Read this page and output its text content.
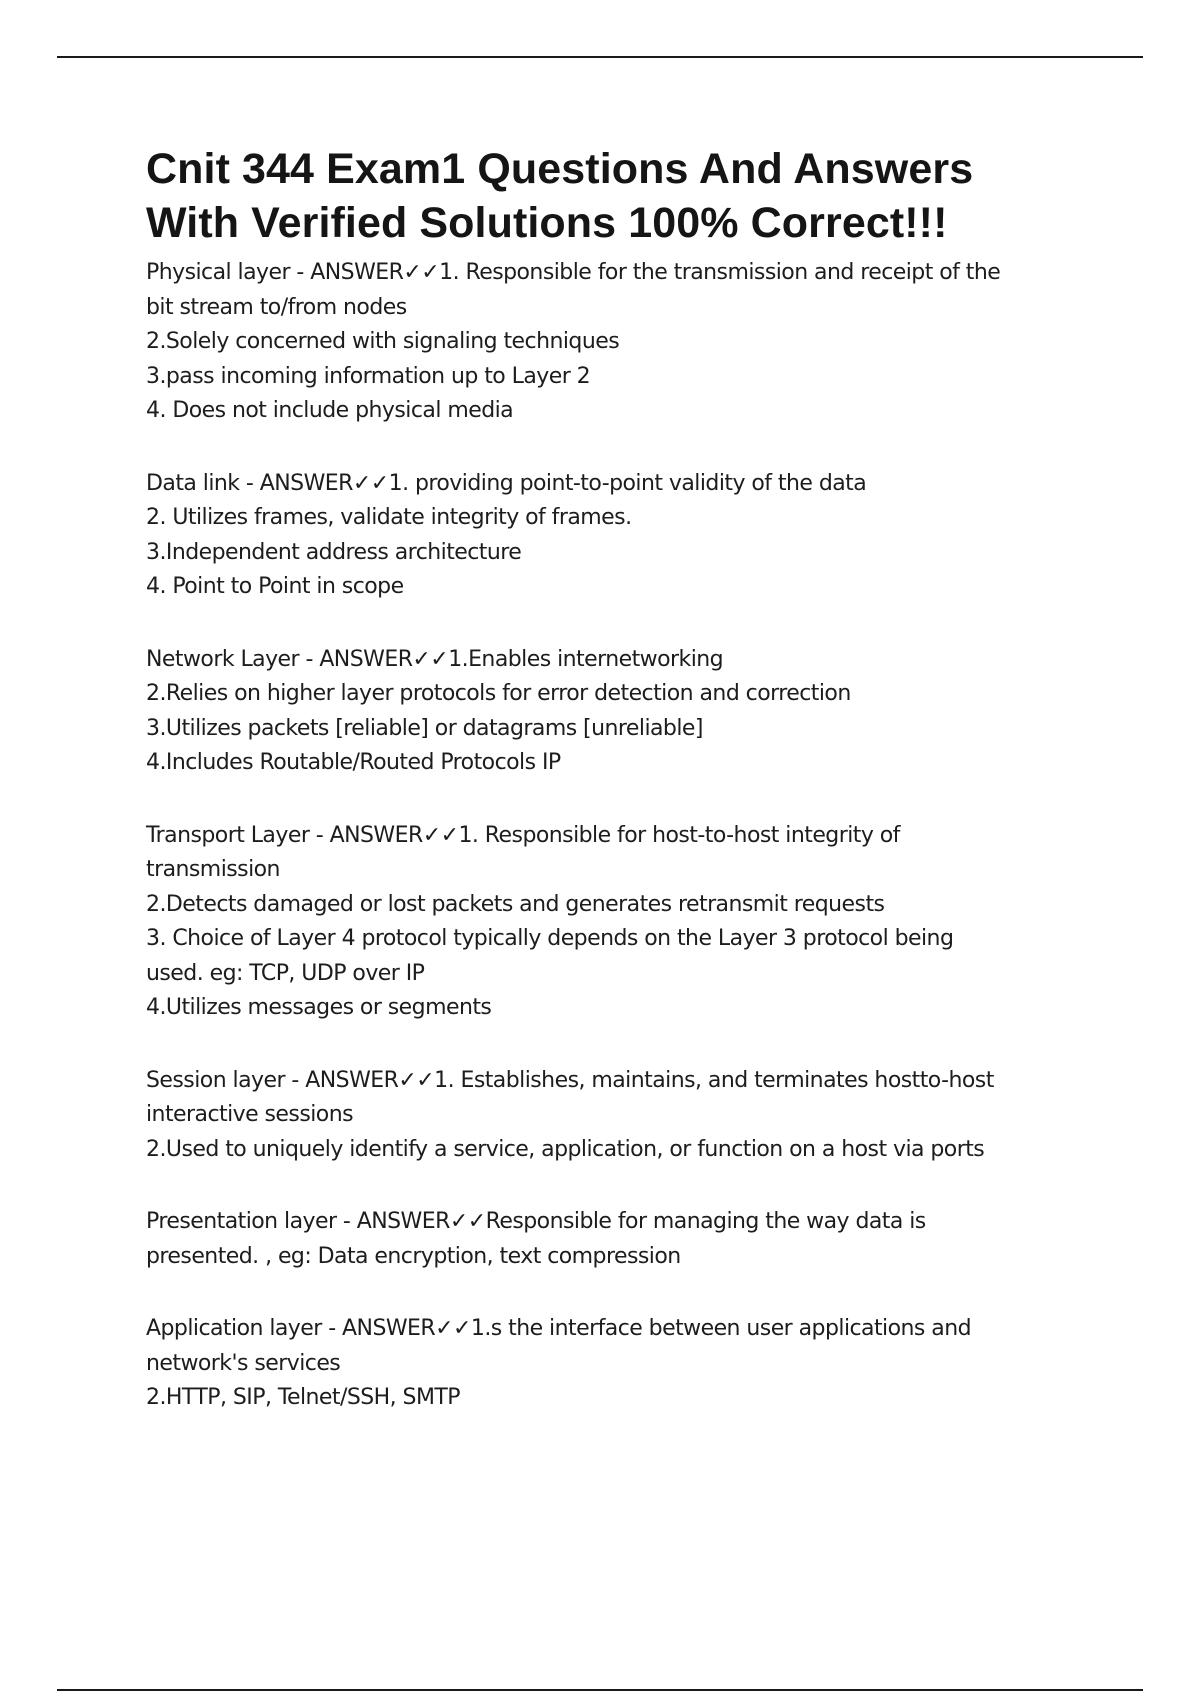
Cnit 344 Exam1 Questions And Answers
With Verified Solutions 100% Correct!!!
Physical layer - ANSWER✓✓1. Responsible for the transmission and receipt of the
bit stream to/from nodes
2.Solely concerned with signaling techniques
3.pass incoming information up to Layer 2
4. Does not include physical media
Data link - ANSWER✓✓1. providing point-to-point validity of the data
2. Utilizes frames, validate integrity of frames.
3.Independent address architecture
4. Point to Point in scope
Network Layer - ANSWER✓✓1.Enables internetworking
2.Relies on higher layer protocols for error detection and correction
3.Utilizes packets [reliable] or datagrams [unreliable]
4.Includes Routable/Routed Protocols IP
Transport Layer - ANSWER✓✓1. Responsible for host-to-host integrity of
transmission
2.Detects damaged or lost packets and generates retransmit requests
3. Choice of Layer 4 protocol typically depends on the Layer 3 protocol being
used. eg: TCP, UDP over IP
4.Utilizes messages or segments
Session layer - ANSWER✓✓1. Establishes, maintains, and terminates hostto-host
interactive sessions
2.Used to uniquely identify a service, application, or function on a host via ports
Presentation layer - ANSWER✓✓Responsible for managing the way data is
presented. , eg: Data encryption, text compression
Application layer - ANSWER✓✓1.s the interface between user applications and
network's services
2.HTTP, SIP, Telnet/SSH, SMTP
